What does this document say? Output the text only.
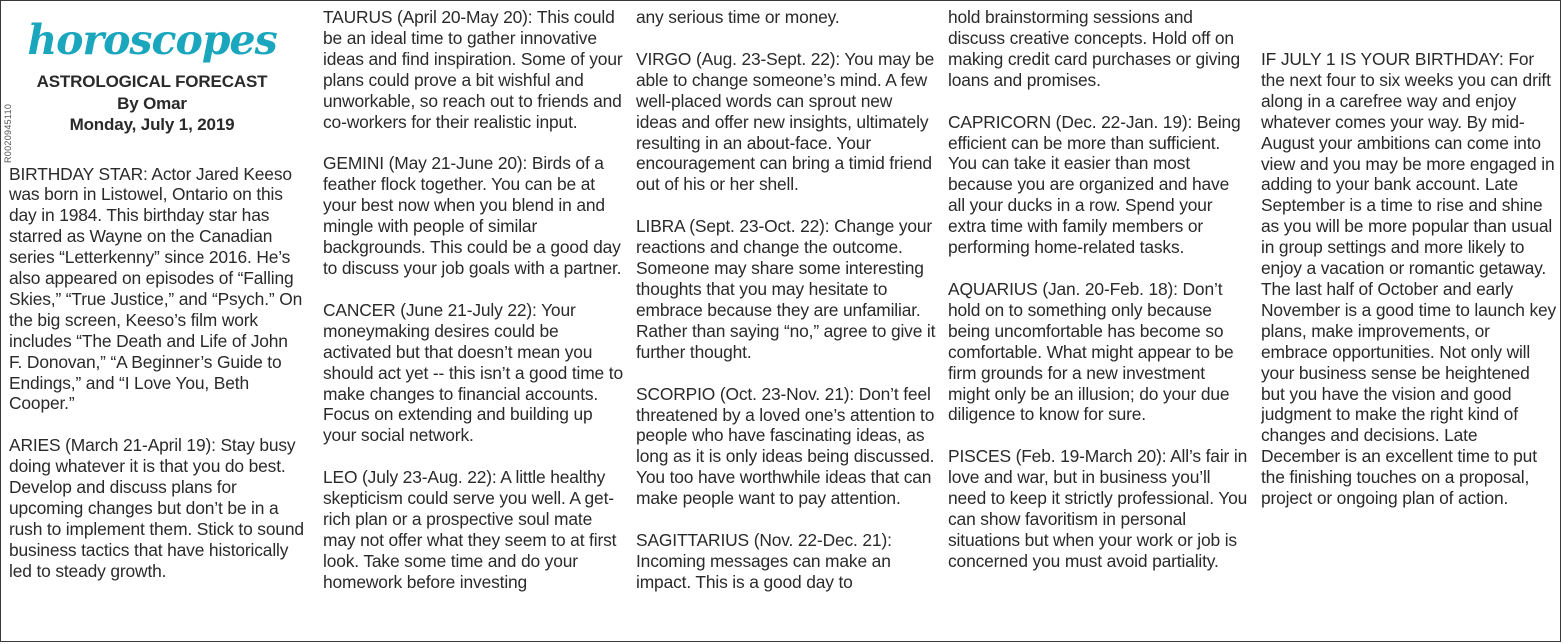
R0020945110
horoscopes
ASTROLOGICAL FORECAST
By Omar
Monday, July 1, 2019

BIRTHDAY STAR: Actor Jared Keeso was born in Listowel, Ontario on this day in 1984. This birthday star has starred as Wayne on the Canadian series “Letterkenny” since 2016. He’s also appeared on episodes of “Falling Skies,” “True Justice,” and “Psych.” On the big screen, Keeso’s film work includes “The Death and Life of John F. Donovan,” “A Beginner’s Guide to Endings,” and “I Love You, Beth Cooper.”

ARIES (March 21-April 19): Stay busy doing whatever it is that you do best. Develop and discuss plans for upcoming changes but don’t be in a rush to implement them. Stick to sound business tactics that have historically led to steady growth.

TAURUS (April 20-May 20): This could be an ideal time to gather innovative ideas and find inspiration. Some of your plans could prove a bit wishful and unworkable, so reach out to friends and co-workers for their realistic input.

GEMINI (May 21-June 20): Birds of a feather flock together. You can be at your best now when you blend in and mingle with people of similar backgrounds. This could be a good day to discuss your job goals with a partner.

CANCER (June 21-July 22): Your moneymaking desires could be activated but that doesn’t mean you should act yet -- this isn’t a good time to make changes to financial accounts. Focus on extending and building up your social network.

LEO (July 23-Aug. 22): A little healthy skepticism could serve you well. A get-rich plan or a prospective soul mate may not offer what they seem to at first look. Take some time and do your homework before investing

any serious time or money.

VIRGO (Aug. 23-Sept. 22): You may be able to change someone’s mind. A few well-placed words can sprout new ideas and offer new insights, ultimately resulting in an about-face. Your encouragement can bring a timid friend out of his or her shell.

LIBRA (Sept. 23-Oct. 22): Change your reactions and change the outcome. Someone may share some interesting thoughts that you may hesitate to embrace because they are unfamiliar. Rather than saying “no,” agree to give it further thought.

SCORPIO (Oct. 23-Nov. 21): Don’t feel threatened by a loved one’s attention to people who have fascinating ideas, as long as it is only ideas being discussed. You too have worthwhile ideas that can make people want to pay attention.

SAGITTARIUS (Nov. 22-Dec. 21): Incoming messages can make an impact. This is a good day to

hold brainstorming sessions and discuss creative concepts. Hold off on making credit card purchases or giving loans and promises.

CAPRICORN (Dec. 22-Jan. 19): Being efficient can be more than sufficient. You can take it easier than most because you are organized and have all your ducks in a row. Spend your extra time with family members or performing home-related tasks.

AQUARIUS (Jan. 20-Feb. 18): Don’t hold on to something only because being uncomfortable has become so comfortable. What might appear to be firm grounds for a new investment might only be an illusion; do your due diligence to know for sure.

PISCES (Feb. 19-March 20): All’s fair in love and war, but in business you’ll need to keep it strictly professional. You can show favoritism in personal situations but when your work or job is concerned you must avoid partiality.

IF JULY 1 IS YOUR BIRTHDAY: For the next four to six weeks you can drift along in a carefree way and enjoy whatever comes your way. By mid-August your ambitions can come into view and you may be more engaged in adding to your bank account. Late September is a time to rise and shine as you will be more popular than usual in group settings and more likely to enjoy a vacation or romantic getaway. The last half of October and early November is a good time to launch key plans, make improvements, or embrace opportunities. Not only will your business sense be heightened but you have the vision and good judgment to make the right kind of changes and decisions. Late December is an excellent time to put the finishing touches on a proposal, project or ongoing plan of action.
